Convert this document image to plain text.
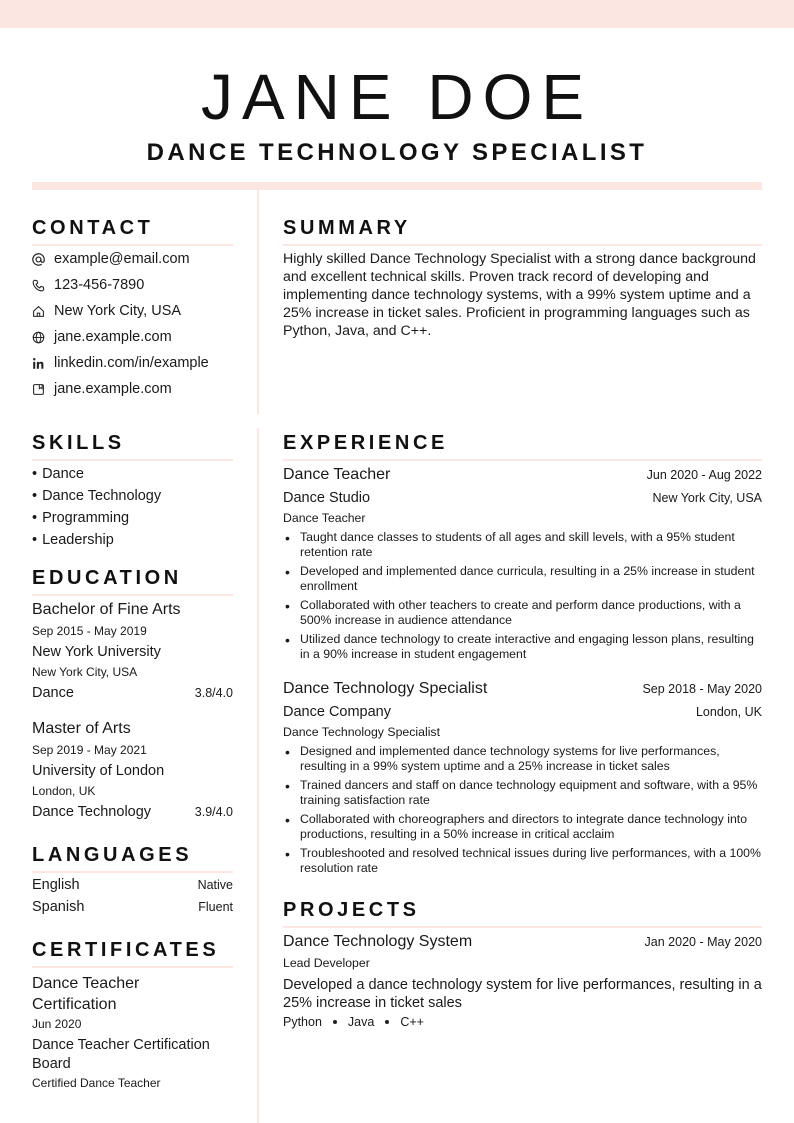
JANE DOE
DANCE TECHNOLOGY SPECIALIST
CONTACT
example@email.com
123-456-7890
New York City, USA
jane.example.com
linkedin.com/in/example
jane.example.com
SKILLS
• Dance
• Dance Technology
• Programming
• Leadership
EDUCATION
Bachelor of Fine Arts
Sep 2015 - May 2019
New York University
New York City, USA
Dance	3.8/4.0
Master of Arts
Sep 2019 - May 2021
University of London
London, UK
Dance Technology	3.9/4.0
LANGUAGES
English	Native
Spanish	Fluent
CERTIFICATES
Dance Teacher Certification
Jun 2020
Dance Teacher Certification Board
Certified Dance Teacher
SUMMARY
Highly skilled Dance Technology Specialist with a strong dance background and excellent technical skills. Proven track record of developing and implementing dance technology systems, with a 99% system uptime and a 25% increase in ticket sales. Proficient in programming languages such as Python, Java, and C++.
EXPERIENCE
Dance Teacher	Jun 2020 - Aug 2022
Dance Studio	New York City, USA
Dance Teacher
• Taught dance classes to students of all ages and skill levels, with a 95% student retention rate
• Developed and implemented dance curricula, resulting in a 25% increase in student enrollment
• Collaborated with other teachers to create and perform dance productions, with a 500% increase in audience attendance
• Utilized dance technology to create interactive and engaging lesson plans, resulting in a 90% increase in student engagement
Dance Technology Specialist	Sep 2018 - May 2020
Dance Company	London, UK
Dance Technology Specialist
• Designed and implemented dance technology systems for live performances, resulting in a 99% system uptime and a 25% increase in ticket sales
• Trained dancers and staff on dance technology equipment and software, with a 95% training satisfaction rate
• Collaborated with choreographers and directors to integrate dance technology into productions, resulting in a 50% increase in critical acclaim
• Troubleshooted and resolved technical issues during live performances, with a 100% resolution rate
PROJECTS
Dance Technology System	Jan 2020 - May 2020
Lead Developer
Developed a dance technology system for live performances, resulting in a 25% increase in ticket sales
Python Java C++
